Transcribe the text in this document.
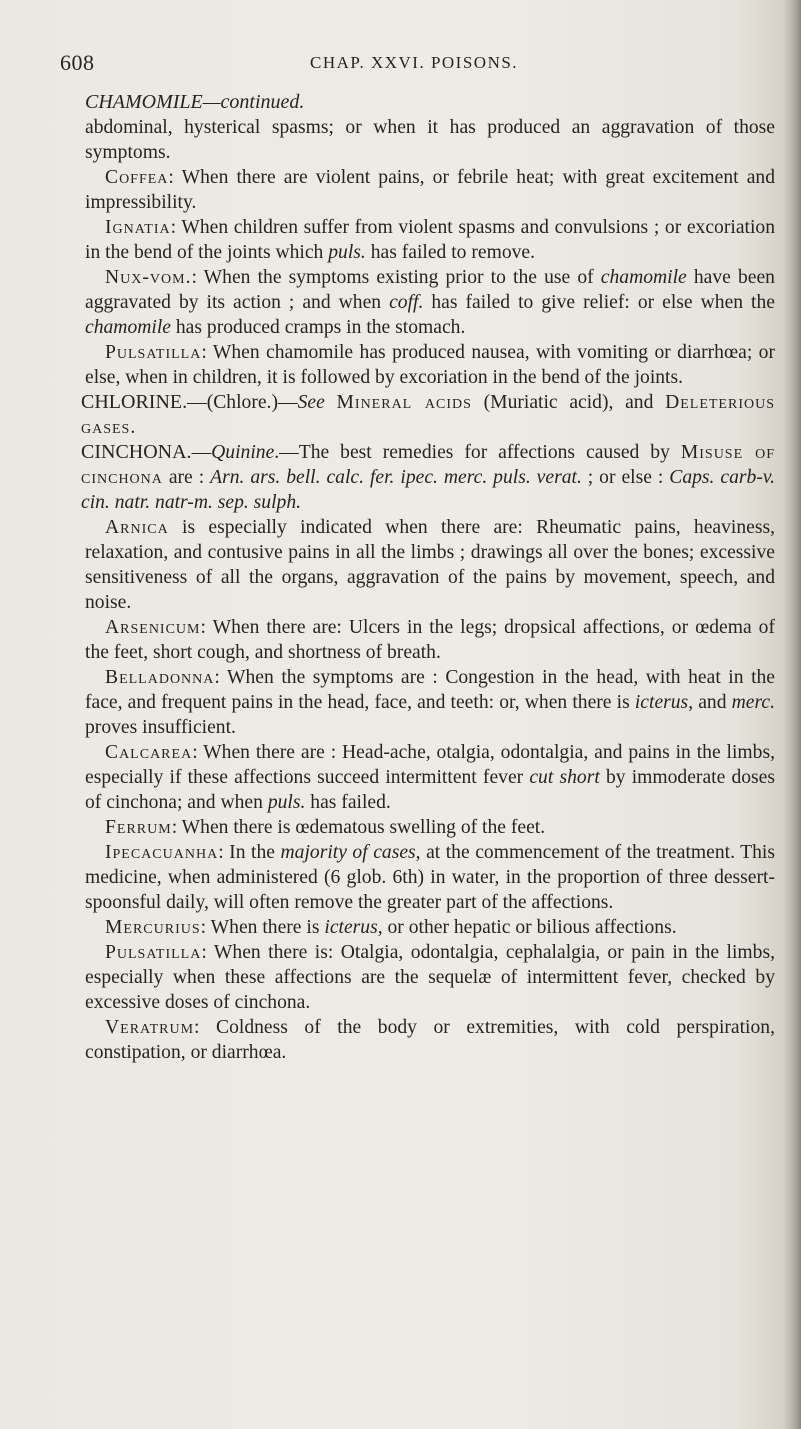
608	CHAP. XXVI. POISONS.
CHAMOMILE—continued.

abdominal, hysterical spasms; or when it has produced an aggravation of those symptoms.

Coffea: When there are violent pains, or febrile heat; with great excitement and impressibility.

Ignatia: When children suffer from violent spasms and convulsions ; or excoriation in the bend of the joints which puls. has failed to remove.

Nux-vom.: When the symptoms existing prior to the use of chamomile have been aggravated by its action ; and when coff. has failed to give relief: or else when the chamomile has produced cramps in the stomach.

Pulsatilla: When chamomile has produced nausea, with vomiting or diarrhœa; or else, when in children, it is followed by excoriation in the bend of the joints.

CHLORINE.—(Chlore.)—See Mineral acids (Muriatic acid), and Deleterious gases.

CINCHONA.—Quinine.—The best remedies for affections caused by Misuse of cinchona are : Arn. ars. bell. calc. fer. ipec. merc. puls. verat. ; or else : Caps. carb-v. cin. natr. natr-m. sep. sulph.

Arnica is especially indicated when there are: Rheumatic pains, heaviness, relaxation, and contusive pains in all the limbs ; drawings all over the bones; excessive sensitiveness of all the organs, aggravation of the pains by movement, speech, and noise.

Arsenicum: When there are: Ulcers in the legs; dropsical affections, or œdema of the feet, short cough, and shortness of breath.

Belladonna: When the symptoms are : Congestion in the head, with heat in the face, and frequent pains in the head, face, and teeth: or, when there is icterus, and merc. proves insufficient.

Calcarea: When there are : Head-ache, otalgia, odontalgia, and pains in the limbs, especially if these affections succeed intermittent fever cut short by immoderate doses of cinchona; and when puls. has failed.

Ferrum: When there is œdematous swelling of the feet.

Ipecacuanha: In the majority of cases, at the commencement of the treatment. This medicine, when administered (6 glob. 6th) in water, in the proportion of three dessert-spoonsful daily, will often remove the greater part of the affections.

Mercurius: When there is icterus, or other hepatic or bilious affections.

Pulsatilla: When there is: Otalgia, odontalgia, cephalalgia, or pain in the limbs, especially when these affections are the sequelæ of intermittent fever, checked by excessive doses of cinchona.

Veratrum: Coldness of the body or extremities, with cold perspiration, constipation, or diarrhœa.
